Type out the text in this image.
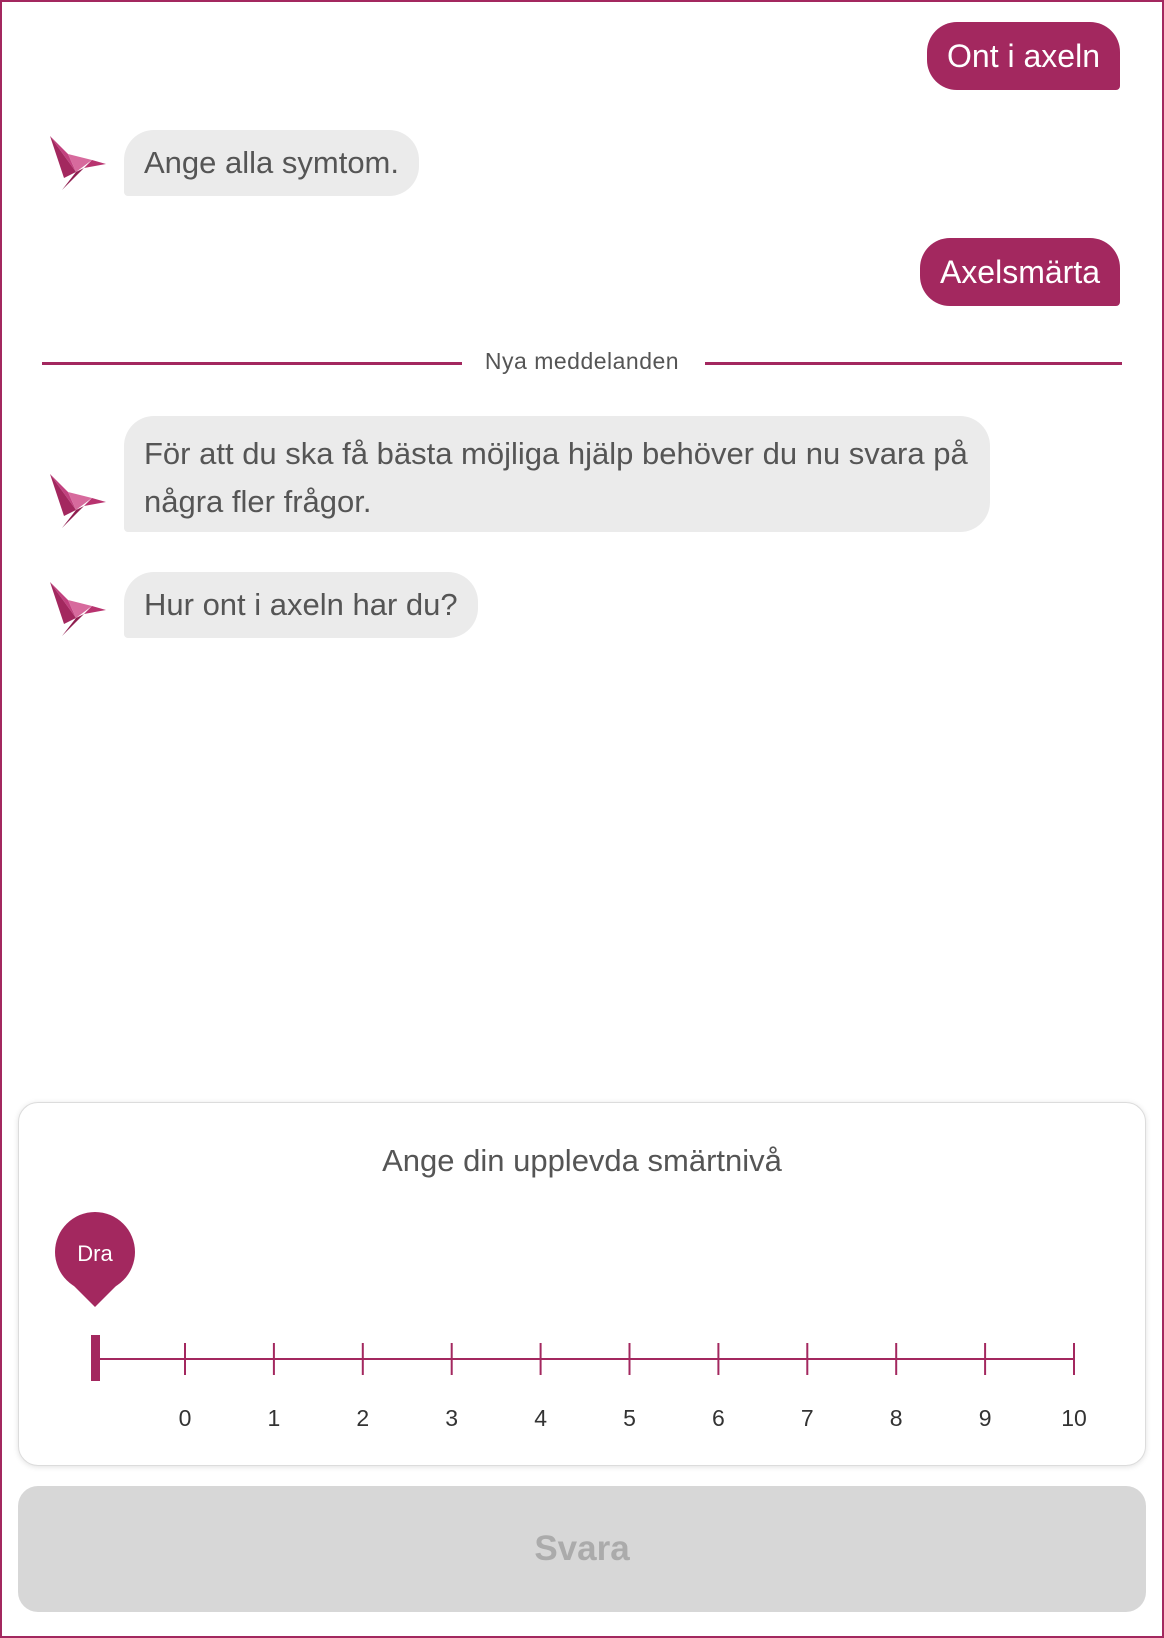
Ont i axeln
Ange alla symtom.
Axelsmärta
Nya meddelanden
För att du ska få bästa möjliga hjälp behöver du nu svara på några fler frågor.
Hur ont i axeln har du?
Ange din upplevda smärtnivå
0	1	2	3	4	5	6	7	8	9	10
Dra
Svara
